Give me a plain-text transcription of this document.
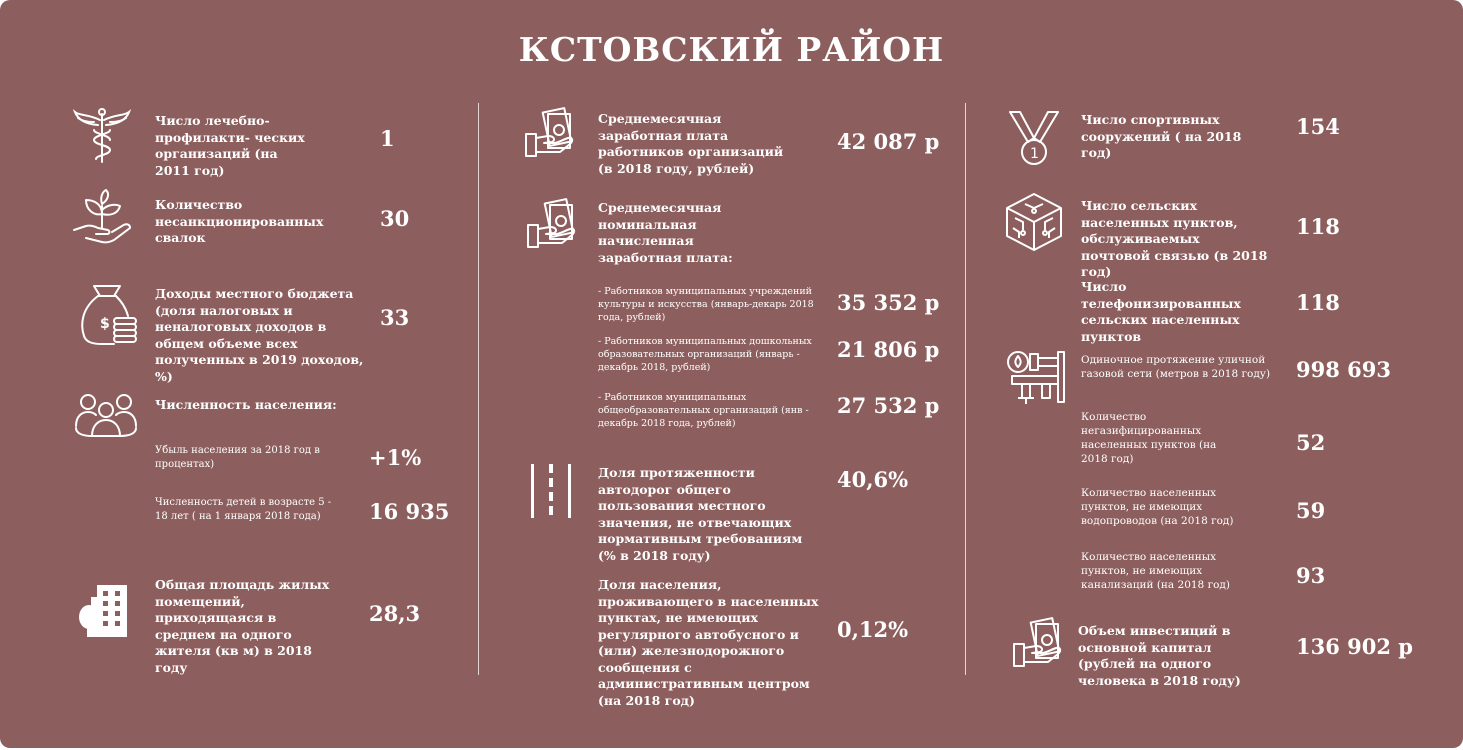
КСТОВСКИЙ РАЙОН
Число лечебно-профилакти- ческих организаций (на 2011 год)
1
Количество несанкционированных свалок
30
$
Доходы местного бюджета (доля налоговых и неналоговых доходов в общем объеме всех полученных в 2019 доходов, %)
33
Численность населения:
Убыль населения за 2018 год в процентах)	+1%
Численность детей в возрасте 5 - 18 лет ( на 1 января 2018 года)	16 935
Общая площадь жилых помещений, приходящаяся в среднем на одного жителя (кв м) в 2018 году
28,3
Среднемесячная заработная плата работников организаций (в 2018 году, рублей)
42 087 р
Среднемесячная номинальная начисленная заработная плата:
- Работников муниципальных учреждений культуры и искусства (январь-декарь 2018 года, рублей)
35 352 р
- Работников муниципальных дошкольных образовательных организаций (январь - декабрь 2018, рублей)
21 806 р
- Работников муниципальных общеобразовательных организаций (янв - декабрь 2018 года, рублей)
27 532 р
Доля протяженности автодорог общего пользования местного значения, не отвечающих нормативным требованиям (% в 2018 году)
40,6%
Доля населения, проживающего в населенных пунктах, не имеющих регулярного автобусного и (или) железнодорожного сообщения с административным центром (на 2018 год)
0,12%
1
Число спортивных сооружений ( на 2018 год)
154
Число сельских населенных пунктов, обслуживаемых почтовой связью (в 2018 год)
118
Число телефонизированных сельских населенных пунктов
118
Одиночное протяжение уличной газовой сети (метров в 2018 году) 998 693
Количество негазифицированных населенных пунктов (на 2018 год)
52
Количество населенных пунктов, не имеющих водопроводов (на 2018 год)	59
Количество населенных пунктов, не имеющих канализаций (на 2018 год)	93
Объем инвестиций в основной капитал (рублей на одного человека в 2018 году)
136 902 р
